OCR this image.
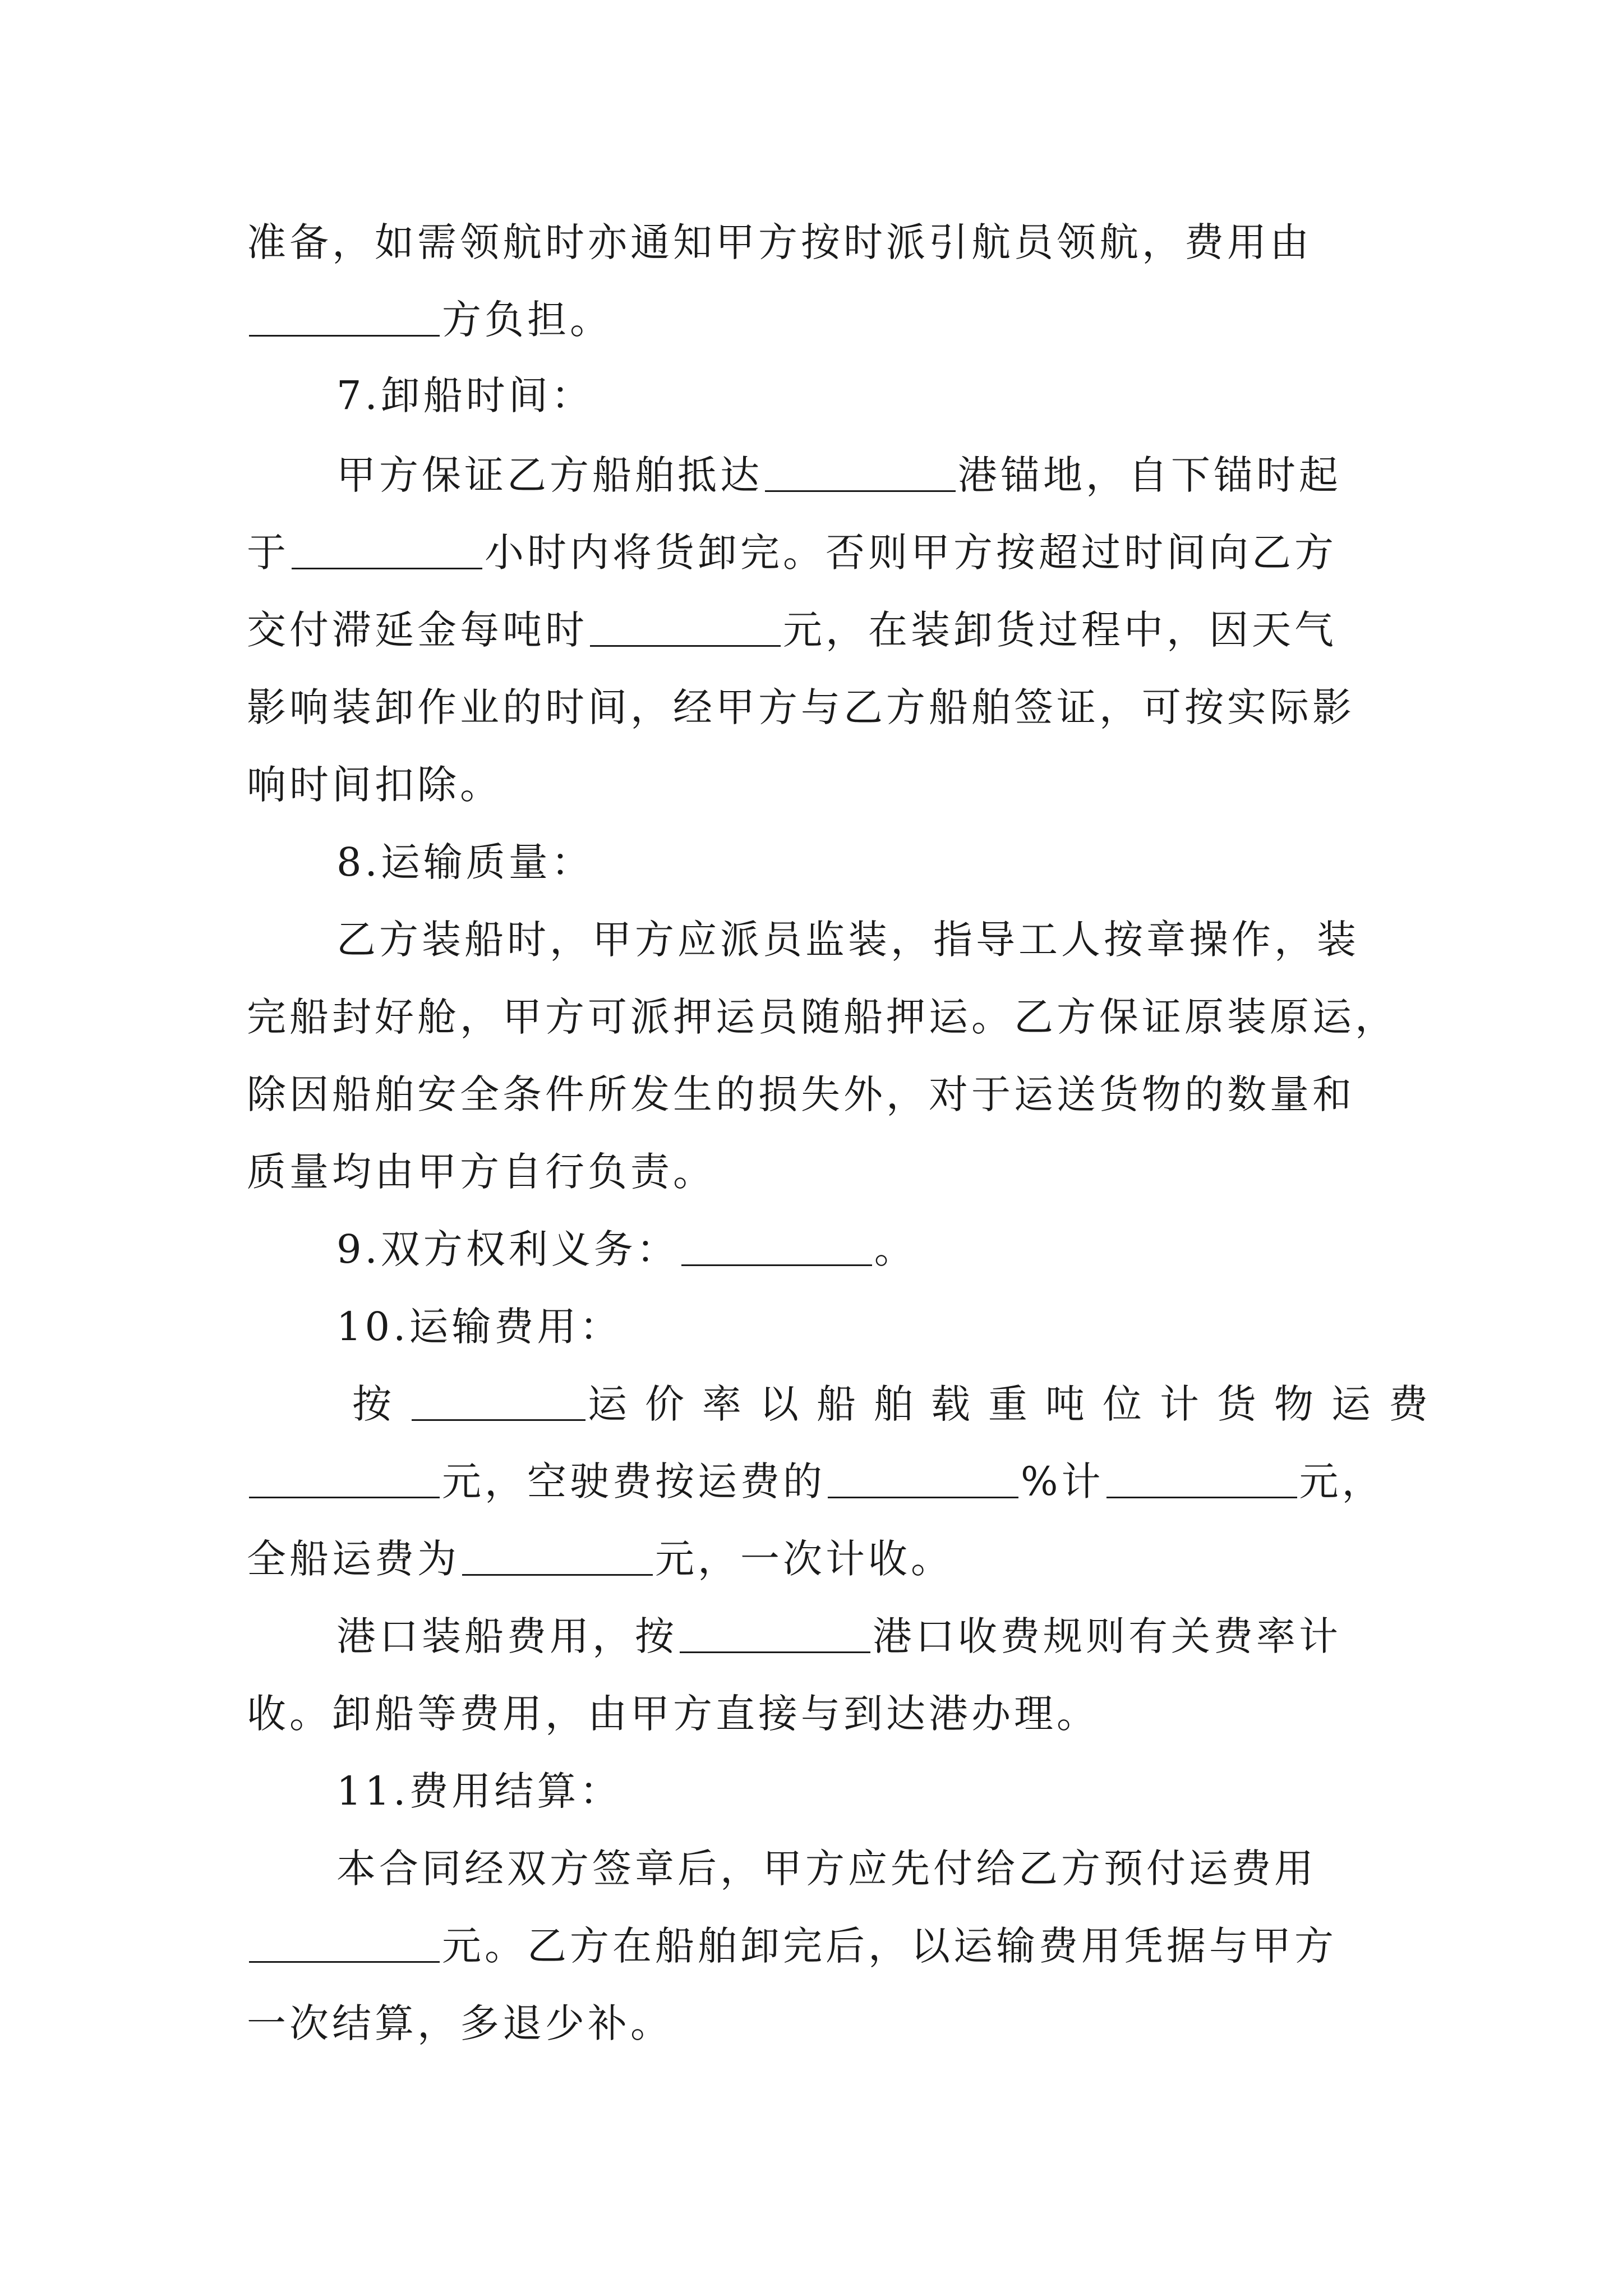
准备，如需领航时亦通知甲方按时派引航员领航，费用由
方负担。
7.卸船时间：
甲方保证乙方船舶抵达	港锚地，自下锚时起
于	小时内将货卸完。否则甲方按超过时间向乙方
交付滞延金每吨时	元，在装卸货过程中，因天气
影响装卸作业的时间，经甲方与乙方船舶签证，可按实际影
响时间扣除。
8.运输质量：
乙方装船时，甲方应派员监装，指导工人按章操作，装
完船封好舱，甲方可派押运员随船押运。乙方保证原装原运，
除因船舶安全条件所发生的损失外，对于运送货物的数量和
质量均由甲方自行负责。
9.双方权利义务：	。
10.运输费用：
按	运价率以船舶载重吨位计货物运费
元，空驶费按运费的	%计	元，
全船运费为	元，一次计收。
港口装船费用，按	港口收费规则有关费率计
收。卸船等费用，由甲方直接与到达港办理。
11.费用结算：
本合同经双方签章后，甲方应先付给乙方预付运费用
元。乙方在船舶卸完后，以运输费用凭据与甲方
一次结算，多退少补。
